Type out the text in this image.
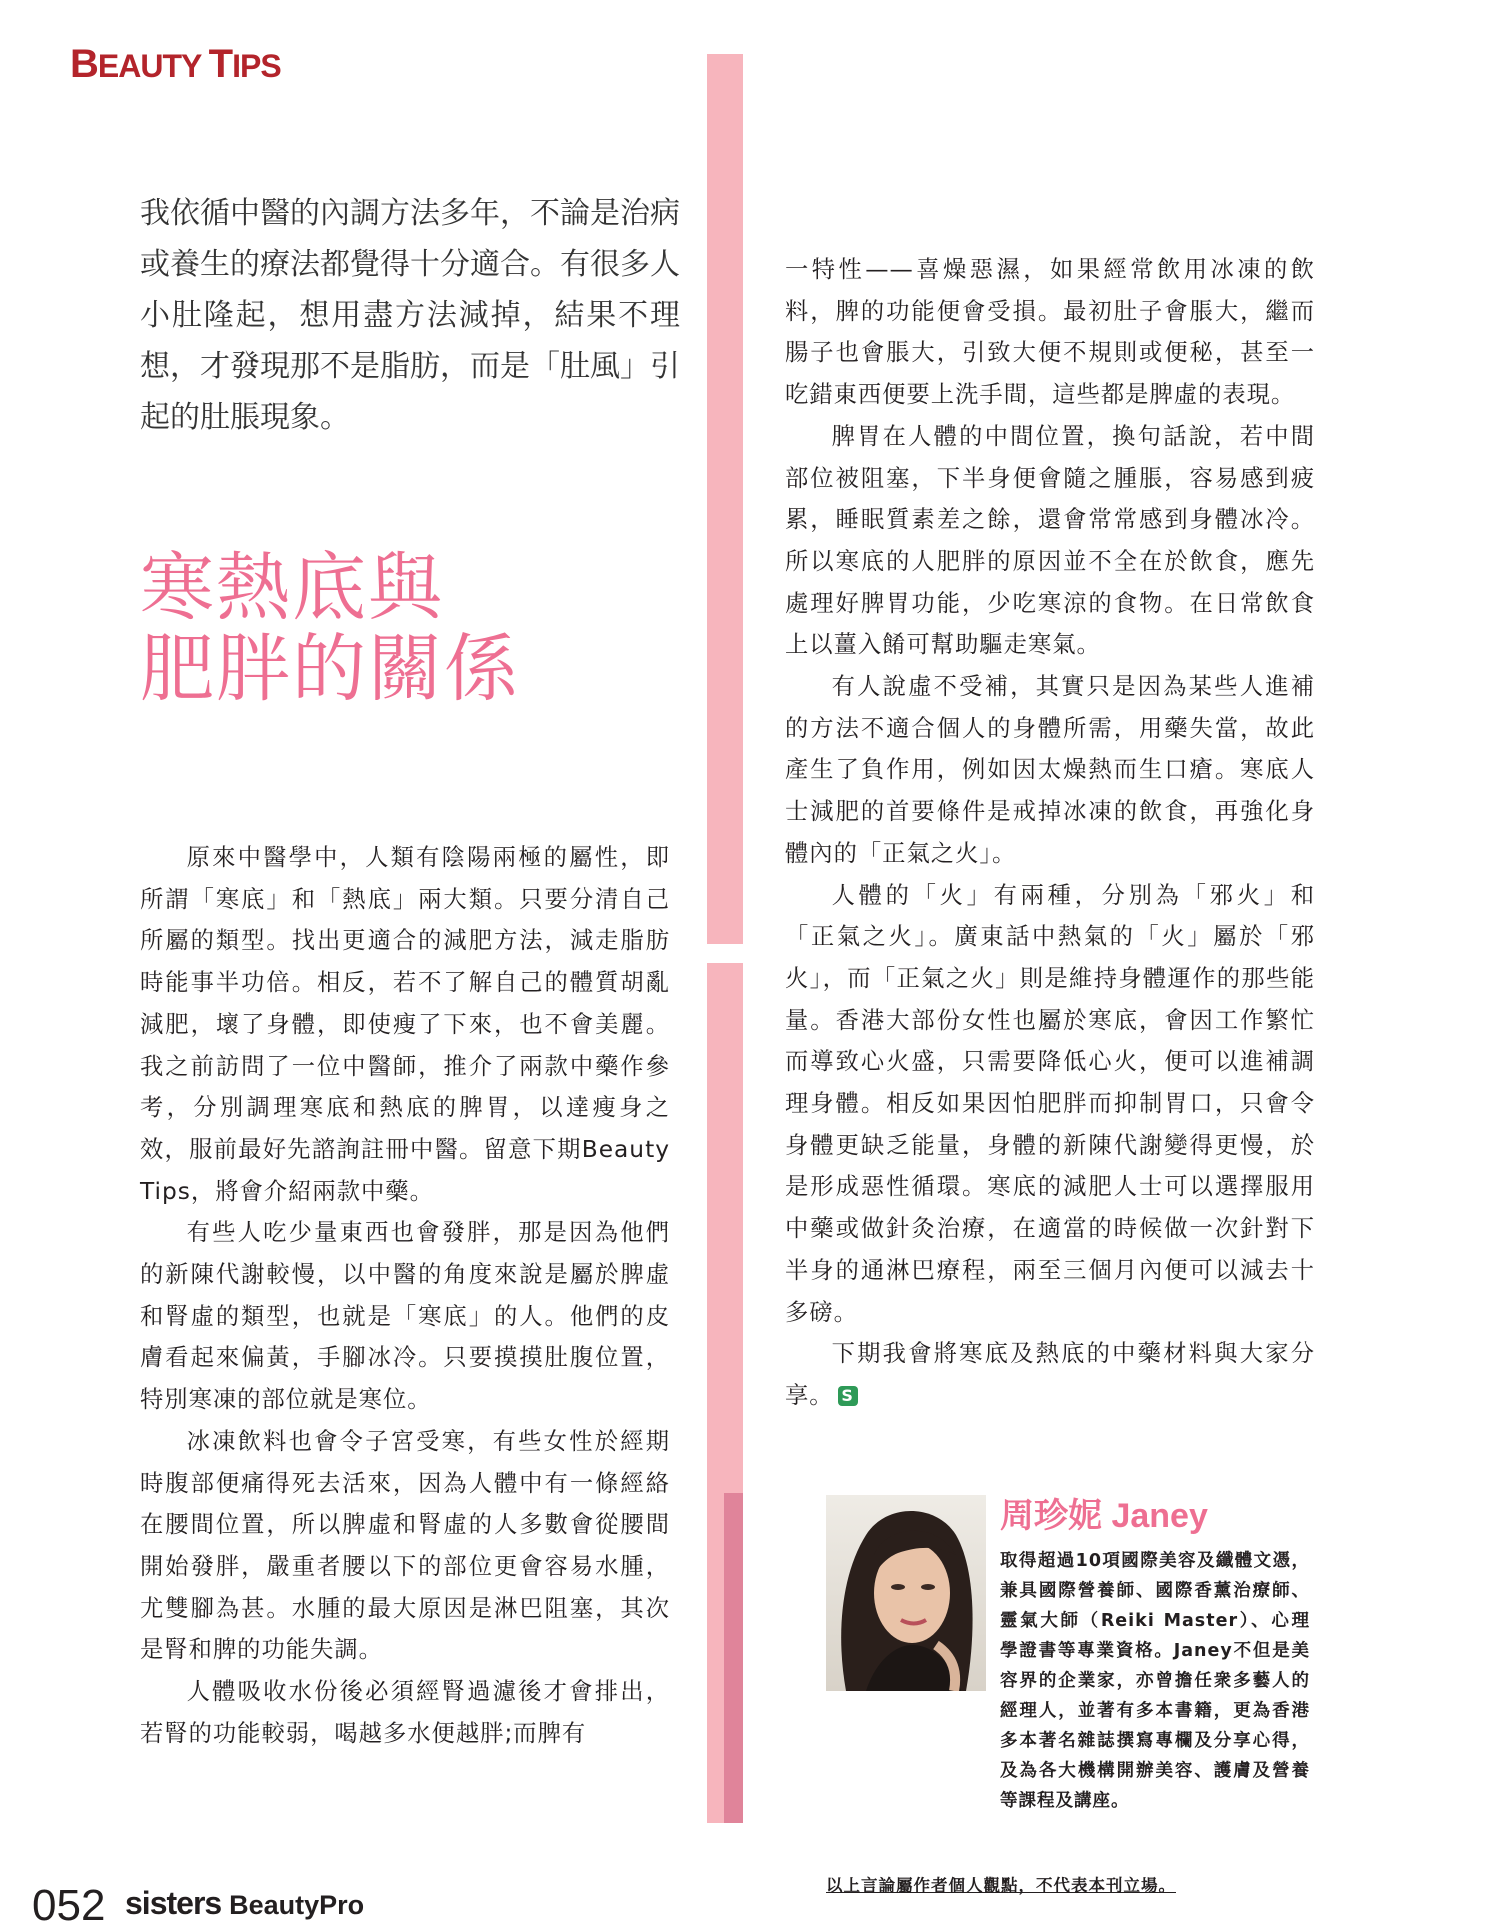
BEAUTY TIPS

我依循中醫的內調方法多年，不論是治病或養生的療法都覺得十分適合。有很多人小肚隆起，想用盡方法減掉，結果不理想，才發現那不是脂肪，而是「肚風」引起的肚脹現象。

寒熱底與
肥胖的關係

原來中醫學中，人類有陰陽兩極的屬性，即所謂「寒底」和「熱底」兩大類。只要分清自己所屬的類型。找出更適合的減肥方法，減走脂肪時能事半功倍。相反，若不了解自己的體質胡亂減肥，壞了身體，即使瘦了下來，也不會美麗。我之前訪問了一位中醫師，推介了兩款中藥作參考，分別調理寒底和熱底的脾胃，以達瘦身之效，服前最好先諮詢註冊中醫。留意下期Beauty Tips，將會介紹兩款中藥。

有些人吃少量東西也會發胖，那是因為他們的新陳代謝較慢，以中醫的角度來說是屬於脾虛和腎虛的類型，也就是「寒底」的人。他們的皮膚看起來偏黃，手腳冰冷。只要摸摸肚腹位置，特別寒凍的部位就是寒位。

冰凍飲料也會令子宮受寒，有些女性於經期時腹部便痛得死去活來，因為人體中有一條經絡在腰間位置，所以脾虛和腎虛的人多數會從腰間開始發胖，嚴重者腰以下的部位更會容易水腫，尤雙腳為甚。水腫的最大原因是淋巴阻塞，其次是腎和脾的功能失調。

人體吸收水份後必須經腎過濾後才會排出，若腎的功能較弱，喝越多水便越胖;而脾有

一特性——喜燥惡濕，如果經常飲用冰凍的飲料，脾的功能便會受損。最初肚子會脹大，繼而腸子也會脹大，引致大便不規則或便秘，甚至一吃錯東西便要上洗手間，這些都是脾虛的表現。

脾胃在人體的中間位置，換句話說，若中間部位被阻塞，下半身便會隨之腫脹，容易感到疲累，睡眠質素差之餘，還會常常感到身體冰冷。所以寒底的人肥胖的原因並不全在於飲食，應先處理好脾胃功能，少吃寒涼的食物。在日常飲食上以薑入餚可幫助驅走寒氣。

有人說虛不受補，其實只是因為某些人進補的方法不適合個人的身體所需，用藥失當，故此產生了負作用，例如因太燥熱而生口瘡。寒底人士減肥的首要條件是戒掉冰凍的飲食，再強化身體內的「正氣之火」。

人體的「火」有兩種，分別為「邪火」和「正氣之火」。廣東話中熱氣的「火」屬於「邪火」，而「正氣之火」則是維持身體運作的那些能量。香港大部份女性也屬於寒底，會因工作繁忙而導致心火盛，只需要降低心火，便可以進補調理身體。相反如果因怕肥胖而抑制胃口，只會令身體更缺乏能量，身體的新陳代謝變得更慢，於是形成惡性循環。寒底的減肥人士可以選擇服用中藥或做針灸治療，在適當的時候做一次針對下半身的通淋巴療程，兩至三個月內便可以減去十多磅。

下期我會將寒底及熱底的中藥材料與大家分享。 S

周珍妮 Janey

取得超過10項國際美容及纖體文憑，兼具國際營養師、國際香薰治療師、靈氣大師（Reiki Master）、心理學證書等專業資格。Janey不但是美容界的企業家，亦曾擔任衆多藝人的經理人，並著有多本書籍，更為香港多本著名雜誌撰寫專欄及分享心得，及為各大機構開辦美容、護膚及營養等課程及講座。

以上言論屬作者個人觀點，不代表本刊立場。

052 sisters BeautyPro
